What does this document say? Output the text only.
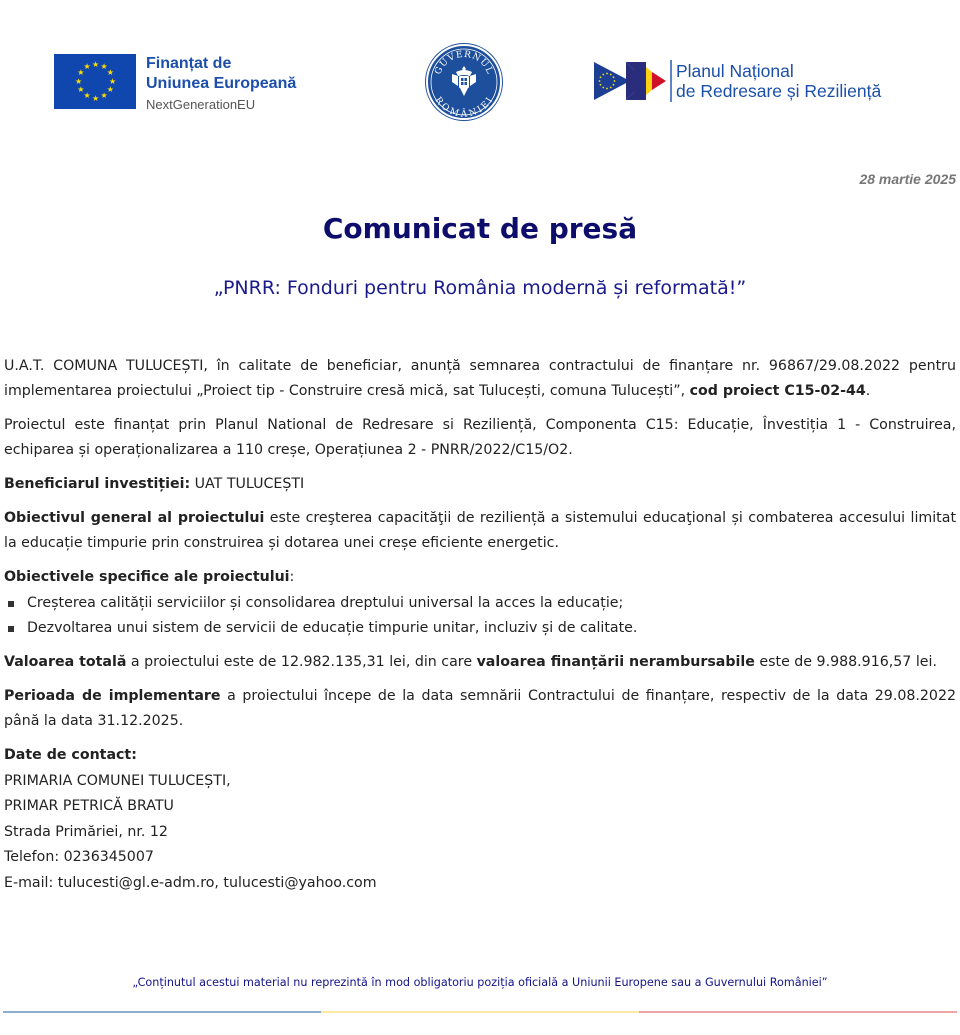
★ ★
★
★
★
★
★
★
★
★
★
★	Finanțat de
Uniunea Europeană
NextGenerationEU
GUVERNUL
ROMÂNIEI
Planul Național
de Redresare și Reziliență
28 martie 2025
Comunicat de presă
„PNRR: Fonduri pentru România modernă și reformată!”

U.A.T. COMUNA TULUCEȘTI, în calitate de beneficiar, anunță semnarea contractului de finanțare nr. 96867/29.08.2022 pentru implementarea proiectului „Proiect tip - Construire cresă mică, sat Tulucești, comuna Tulucești”, cod proiect C15-02-44.

Proiectul este finanțat prin Planul National de Redresare si Reziliență, Componenta C15: Educație, Învestiția 1 - Construirea, echiparea și operaționalizarea a 110 creșe, Operațiunea 2 - PNRR/2022/C15/O2.

Beneficiarul investiției: UAT TULUCEȘTI

Obiectivul general al proiectului este creşterea capacităţii de reziliență a sistemului educaţional și combaterea accesului limitat la educație timpurie prin construirea și dotarea unei creșe eficiente energetic.

Obiectivele specifice ale proiectului:

Creșterea calității serviciilor și consolidarea dreptului universal la acces la educație;
Dezvoltarea unui sistem de servicii de educație timpurie unitar, incluziv și de calitate.

Valoarea totală a proiectului este de 12.982.135,31 lei, din care valoarea finanțării nerambursabile este de 9.988.916,57 lei.

Perioada de implementare a proiectului începe de la data semnării Contractului de finanțare, respectiv de la data 29.08.2022 până la data 31.12.2025.

Date de contact:
PRIMARIA COMUNEI TULUCEȘTI,
PRIMAR PETRICĂ BRATU
Strada Primăriei, nr. 12
Telefon: 0236345007
E-mail: tulucesti@gl.e-adm.ro, tulucesti@yahoo.com
„Conținutul acestui material nu reprezintă în mod obligatoriu poziția oficială a Uniunii Europene sau a Guvernului României”
